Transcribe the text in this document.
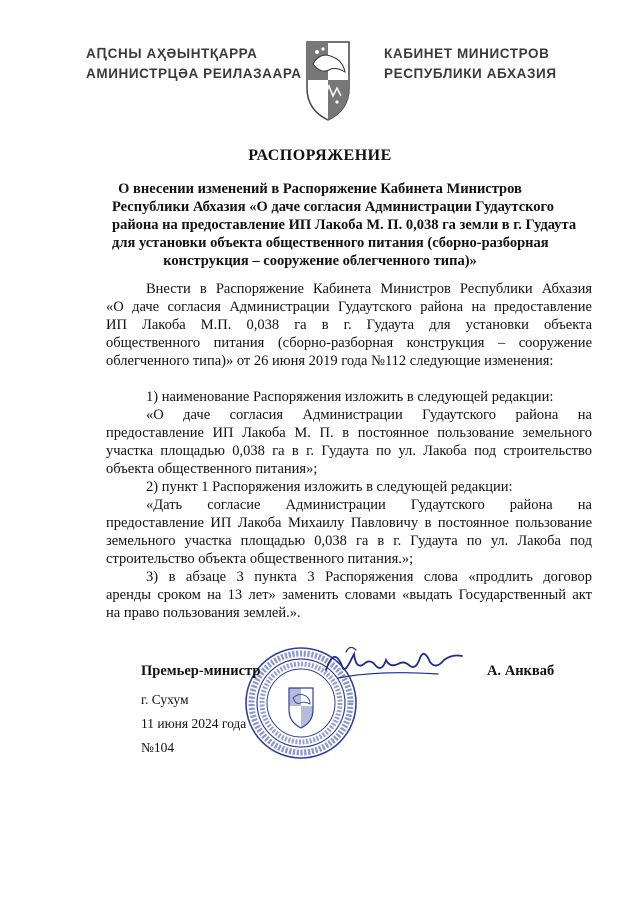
АԤСНЫ АҲӘЫНТҚАРРА
АМИНИСТРЦӘА РЕИЛАЗААРА
КАБИНЕТ МИНИСТРОВ
РЕСПУБЛИКИ АБХАЗИЯ
РАСПОРЯЖЕНИЕ
О внесении изменений в Распоряжение Кабинета Министров
Республики Абхазия «О даче согласия Администрации Гудаутского
района на предоставление ИП Лакоба М. П. 0,038 га земли в г. Гудаута
для установки объекта общественного питания (сборно-разборная
конструкция – сооружение облегченного типа)»
Внести в Распоряжение Кабинета Министров Республики Абхазия
«О даче согласия Администрации Гудаутского района на предоставление
ИП Лакоба М.П. 0,038 га в г. Гудаута для установки объекта
общественного питания (сборно-разборная конструкция – сооружение
облегченного типа)» от 26 июня 2019 года №112 следующие изменения:
1) наименование Распоряжения изложить в следующей редакции:
«О даче согласия Администрации Гудаутского района на
предоставление ИП Лакоба М. П. в постоянное пользование земельного
участка площадью 0,038 га в г. Гудаута по ул. Лакоба под строительство
объекта общественного питания»;
2) пункт 1 Распоряжения изложить в следующей редакции:
«Дать согласие Администрации Гудаутского района на
предоставление ИП Лакоба Михаилу Павловичу в постоянное пользование
земельного участка площадью 0,038 га в г. Гудаута по ул. Лакоба под
строительство объекта общественного питания.»;
3) в абзаце 3 пункта 3 Распоряжения слова «продлить договор
аренды сроком на 13 лет» заменить словами «выдать Государственный акт
на право пользования землей.».
Премьер-министр	А. Анкваб
г. Сухум
11 июня 2024 года
№104
